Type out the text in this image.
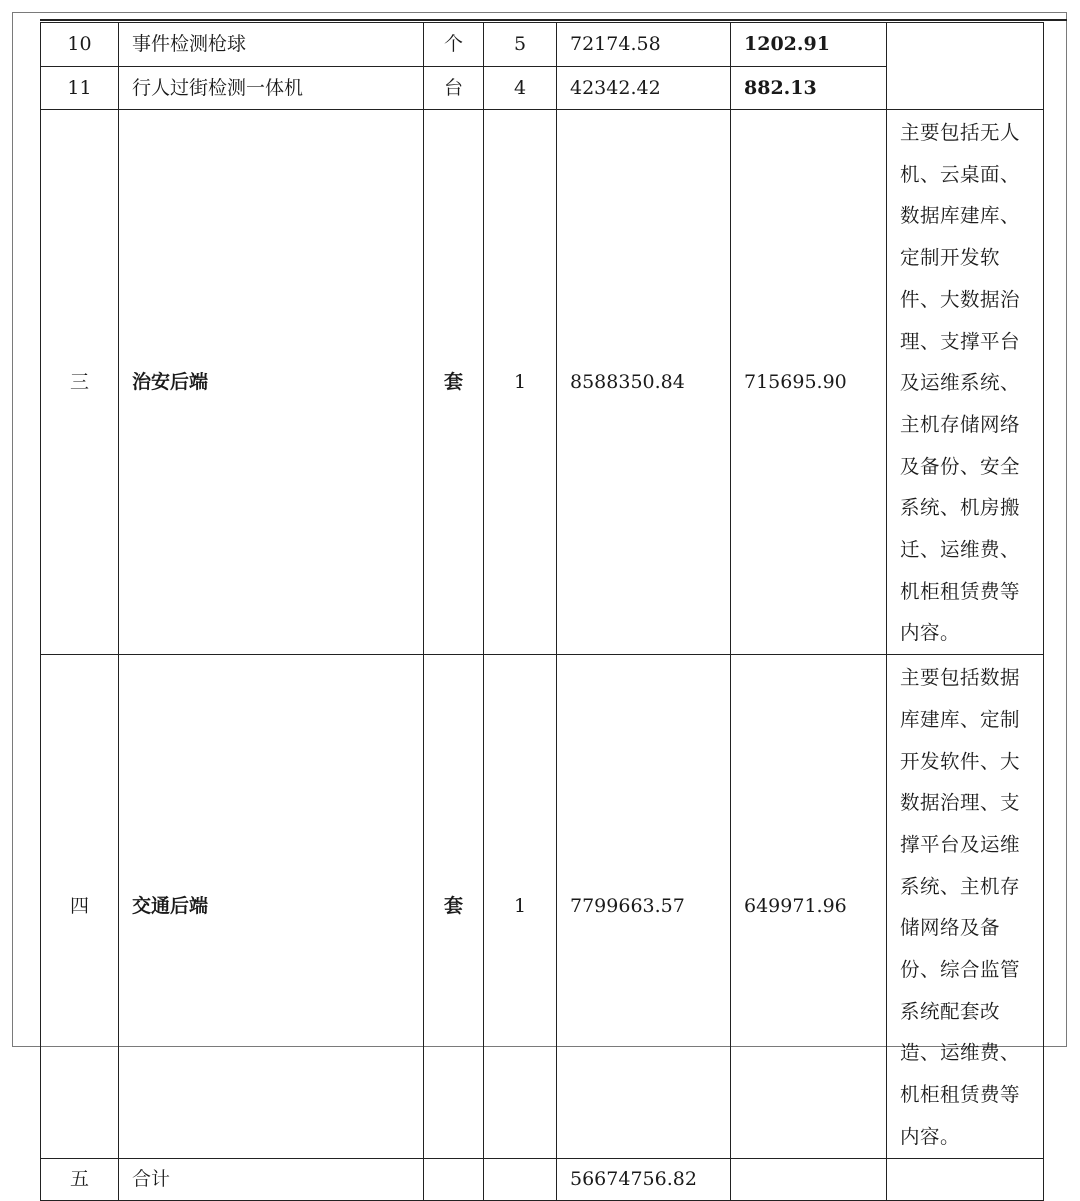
10	事件检测枪球	个	5	72174.58	1202.91	
11	行人过街检测一体机	台	4	42342.42	882.13	
三	治安后端	套	1	8588350.84	715695.90	主要包括无人机、云桌面、数据库建库、定制开发软件、大数据治理、支撑平台及运维系统、主机存储网络及备份、安全系统、机房搬迁、运维费、机柜租赁费等内容。

四	交通后端	套	1	7799663.57	649971.96	主要包括数据库建库、定制开发软件、大数据治理、支撑平台及运维系统、主机存储网络及备份、综合监管系统配套改造、运维费、机柜租赁费等内容。

五	合计			56674756.82		
